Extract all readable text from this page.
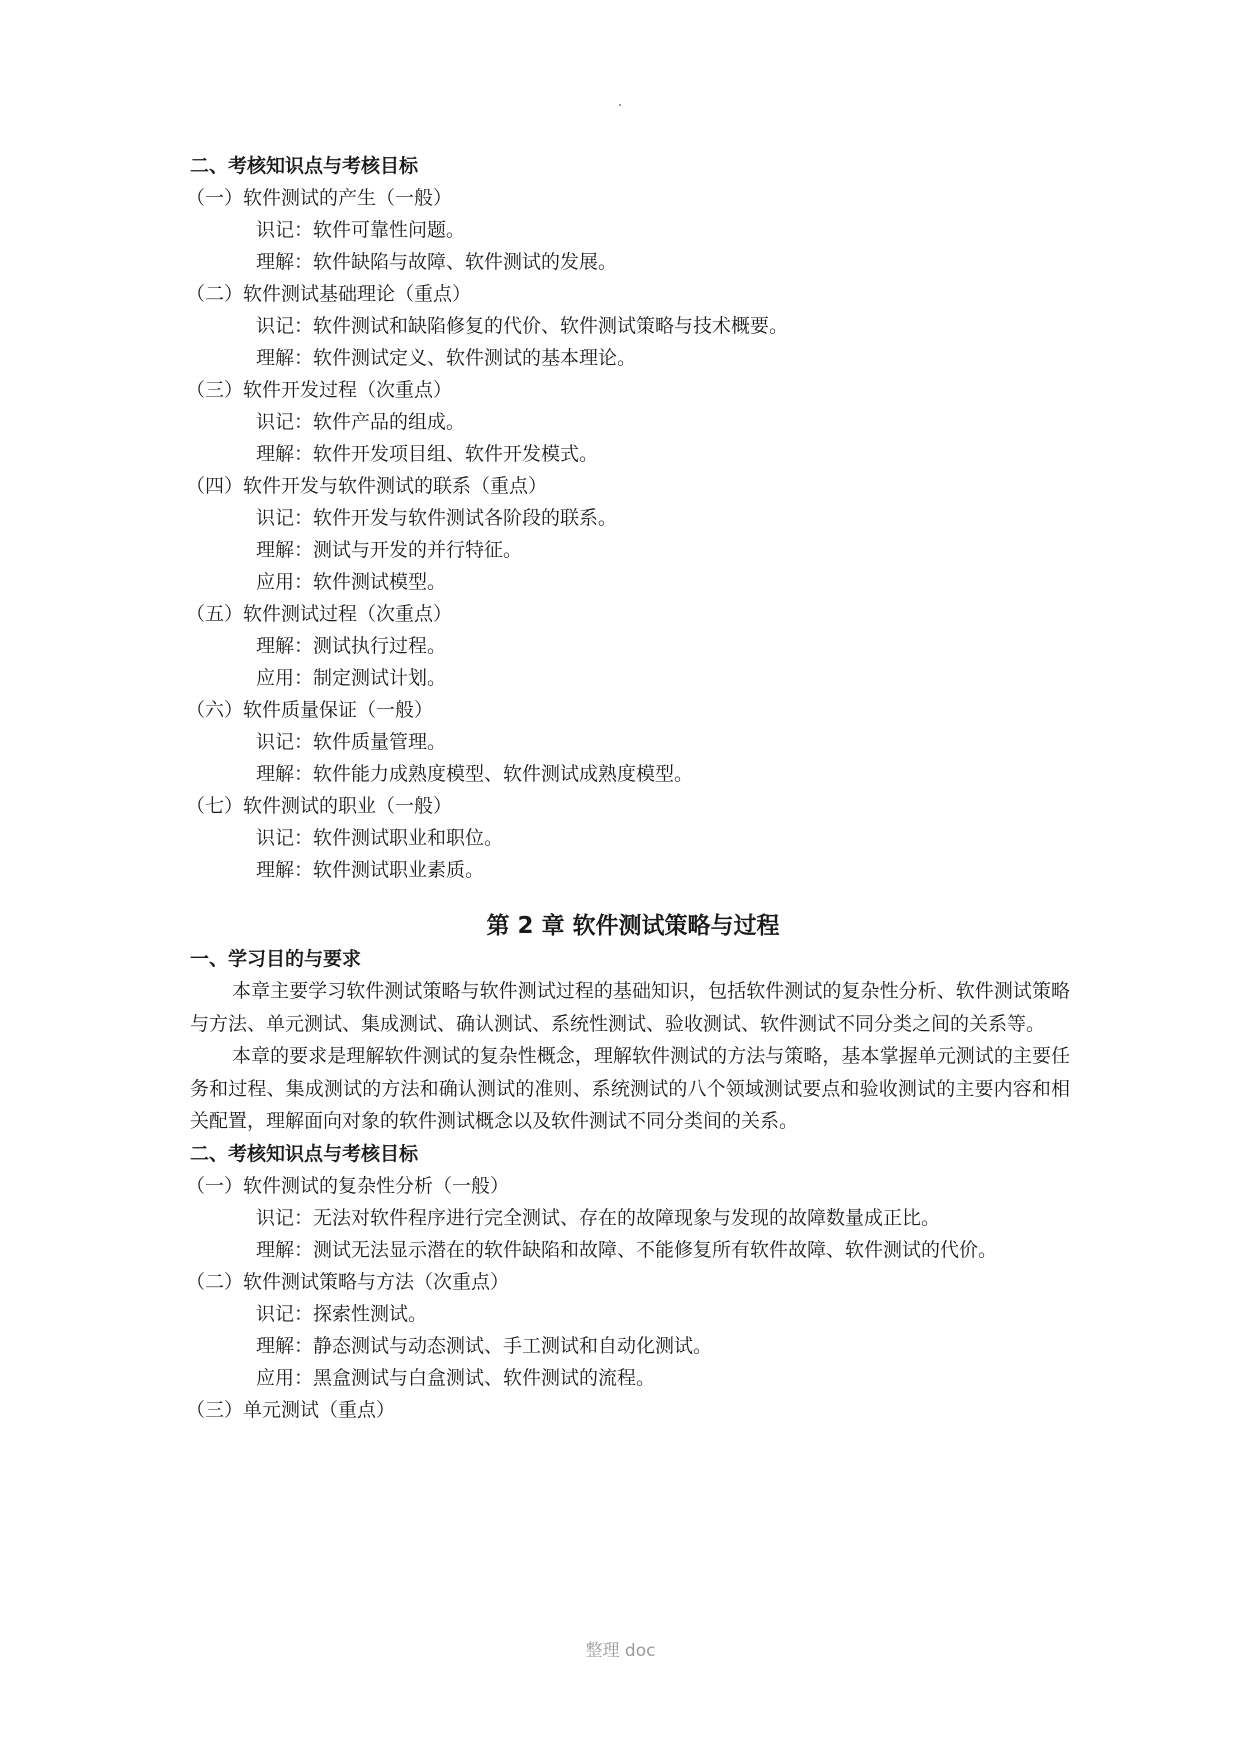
二、考核知识点与考核目标
（一）软件测试的产生（一般）
识记：软件可靠性问题。
理解：软件缺陷与故障、软件测试的发展。
（二）软件测试基础理论（重点）
识记：软件测试和缺陷修复的代价、软件测试策略与技术概要。
理解：软件测试定义、软件测试的基本理论。
（三）软件开发过程（次重点）
识记：软件产品的组成。
理解：软件开发项目组、软件开发模式。
（四）软件开发与软件测试的联系（重点）
识记：软件开发与软件测试各阶段的联系。
理解：测试与开发的并行特征。
应用：软件测试模型。
（五）软件测试过程（次重点）
理解：测试执行过程。
应用：制定测试计划。
（六）软件质量保证（一般）
识记：软件质量管理。
理解：软件能力成熟度模型、软件测试成熟度模型。
（七）软件测试的职业（一般）
识记：软件测试职业和职位。
理解：软件测试职业素质。
第 2 章 软件测试策略与过程
一、学习目的与要求
本章主要学习软件测试策略与软件测试过程的基础知识，包括软件测试的复杂性分析、软件测试策略与方法、单元测试、集成测试、确认测试、系统性测试、验收测试、软件测试不同分类之间的关系等。
本章的要求是理解软件测试的复杂性概念，理解软件测试的方法与策略，基本掌握单元测试的主要任务和过程、集成测试的方法和确认测试的准则、系统测试的八个领域测试要点和验收测试的主要内容和相关配置，理解面向对象的软件测试概念以及软件测试不同分类间的关系。
二、考核知识点与考核目标
（一）软件测试的复杂性分析（一般）
识记：无法对软件程序进行完全测试、存在的故障现象与发现的故障数量成正比。
理解：测试无法显示潜在的软件缺陷和故障、不能修复所有软件故障、软件测试的代价。
（二）软件测试策略与方法（次重点）
识记：探索性测试。
理解：静态测试与动态测试、手工测试和自动化测试。
应用：黑盒测试与白盒测试、软件测试的流程。
（三）单元测试（重点）
整理 doc
